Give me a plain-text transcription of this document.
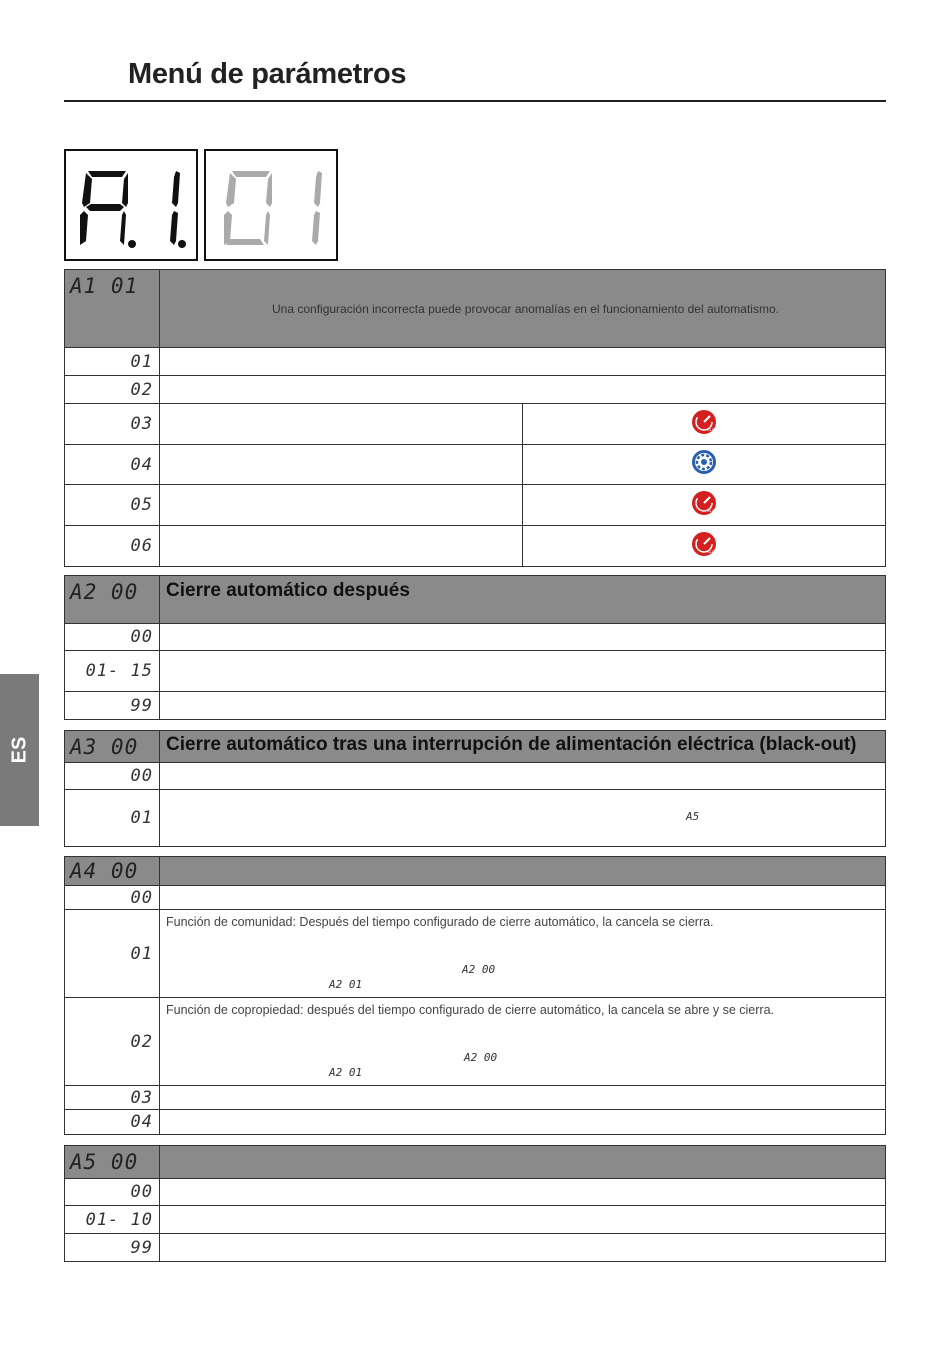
Menú de parámetros
ES
A1 01	Una configuración incorrecta puede provocar anomalías en el funcionamiento del automatismo.	
01		
02		
03		SLOW

04		
05		SLOW

06		SLOW
A2 00	Cierre automático después
00	
01- 15	
99	
A3 00	Cierre automático tras una interrupción de alimentación eléctrica (black-out)
00	
01	A5
A4 00	
00	
01	Función de comunidad: Después del tiempo configurado de cierre automático, la cancela se cierra.
A2 00
A2 01

02	Función de copropiedad: después del tiempo configurado de cierre automático, la cancela se abre y se cierra.
A2 00
A2 01

03	
04	
A5 00	
00	
01- 10	
99	
